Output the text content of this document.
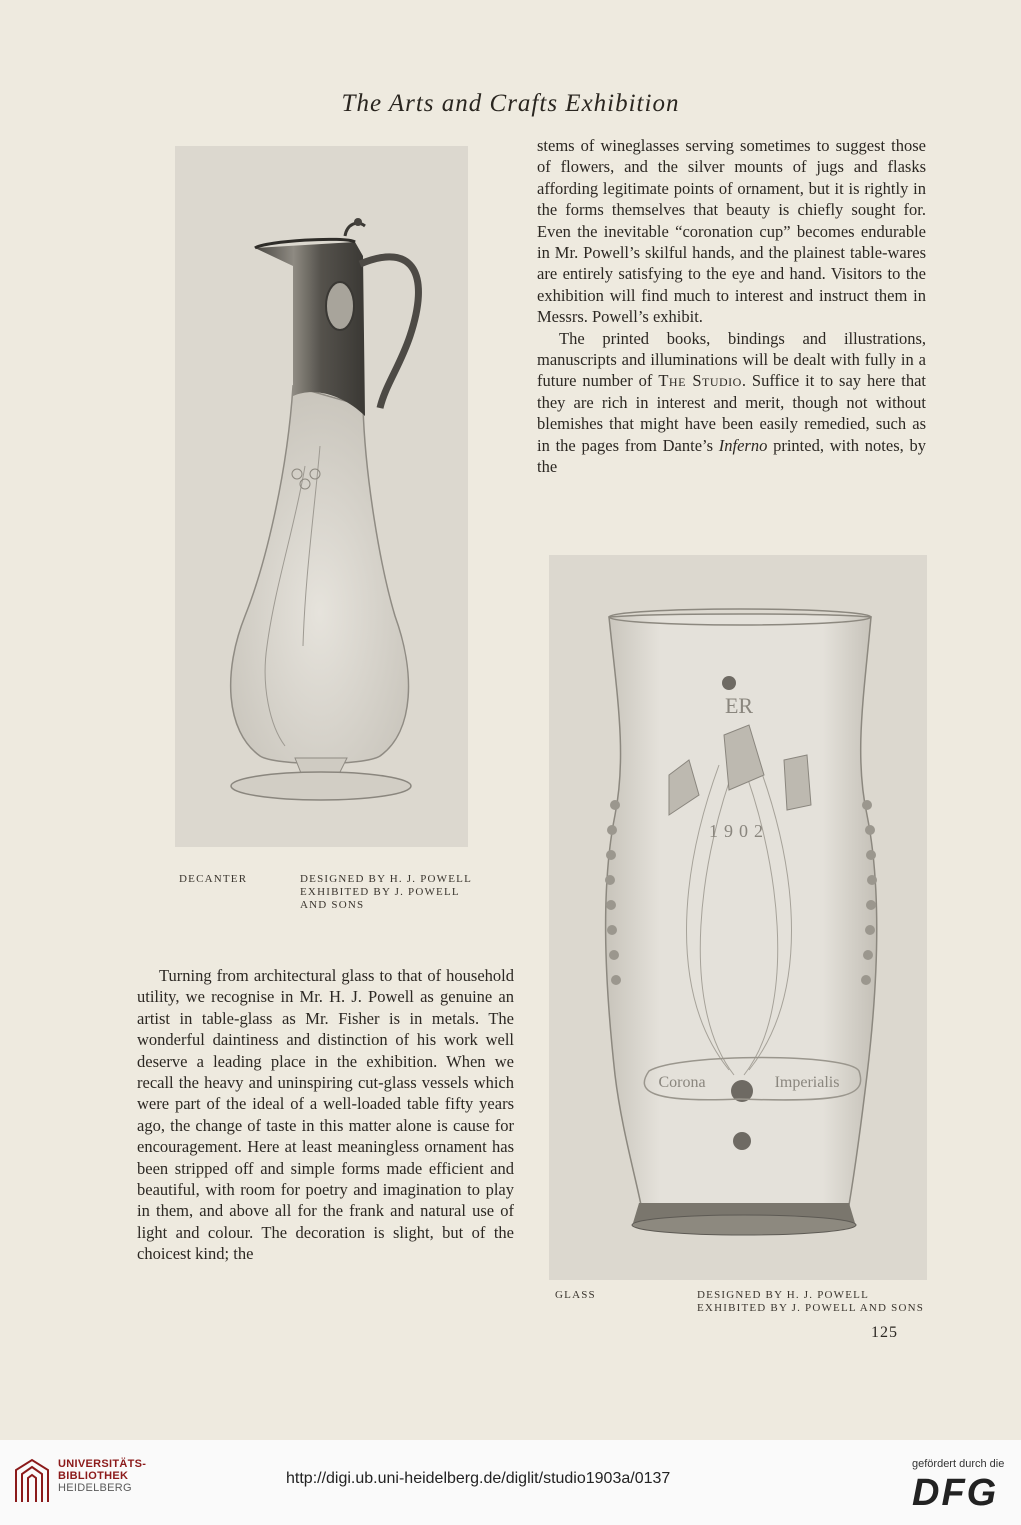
The Arts and Crafts Exhibition
DECANTER	DESIGNED BY H. J. POWELL
EXHIBITED BY J. POWELL
AND SONS

stems of wineglasses serving sometimes to suggest those of flowers, and the silver mounts of jugs and flasks affording legitimate points of ornament, but it is rightly in the forms themselves that beauty is chiefly sought for. Even the inevitable “coronation cup” becomes endurable in Mr. Powell’s skilful hands, and the plainest table-wares are entirely satisfying to the eye and hand. Visitors to the exhibition will find much to interest and instruct them in Messrs. Powell’s exhibit.

The printed books, bindings and illustrations, manuscripts and illuminations will be dealt with fully in a future number of The Studio. Suffice it to say here that they are rich in interest and merit, though not without blemishes that might have been easily remedied, such as in the pages from Dante’s Inferno printed, with notes, by the

ER
1902
Corona	Imperialis
GLASS	DESIGNED BY H. J. POWELL
EXHIBITED BY J. POWELL AND SONS

Turning from architectural glass to that of household utility, we recognise in Mr. H. J. Powell as genuine an artist in table-glass as Mr. Fisher is in metals. The wonderful daintiness and distinction of his work well deserve a leading place in the exhibition. When we recall the heavy and uninspiring cut-glass vessels which were part of the ideal of a well-loaded table fifty years ago, the change of taste in this matter alone is cause for encouragement. Here at least meaningless ornament has been stripped off and simple forms made efficient and beautiful, with room for poetry and imagination to play in them, and above all for the frank and natural use of light and colour. The decoration is slight, but of the choicest kind; the

125
UNIVERSITÄTS-
BIBLIOTHEK
HEIDELBERG
http://digi.ub.uni-heidelberg.de/diglit/studio1903a/0137
gefördert durch die
DFG
